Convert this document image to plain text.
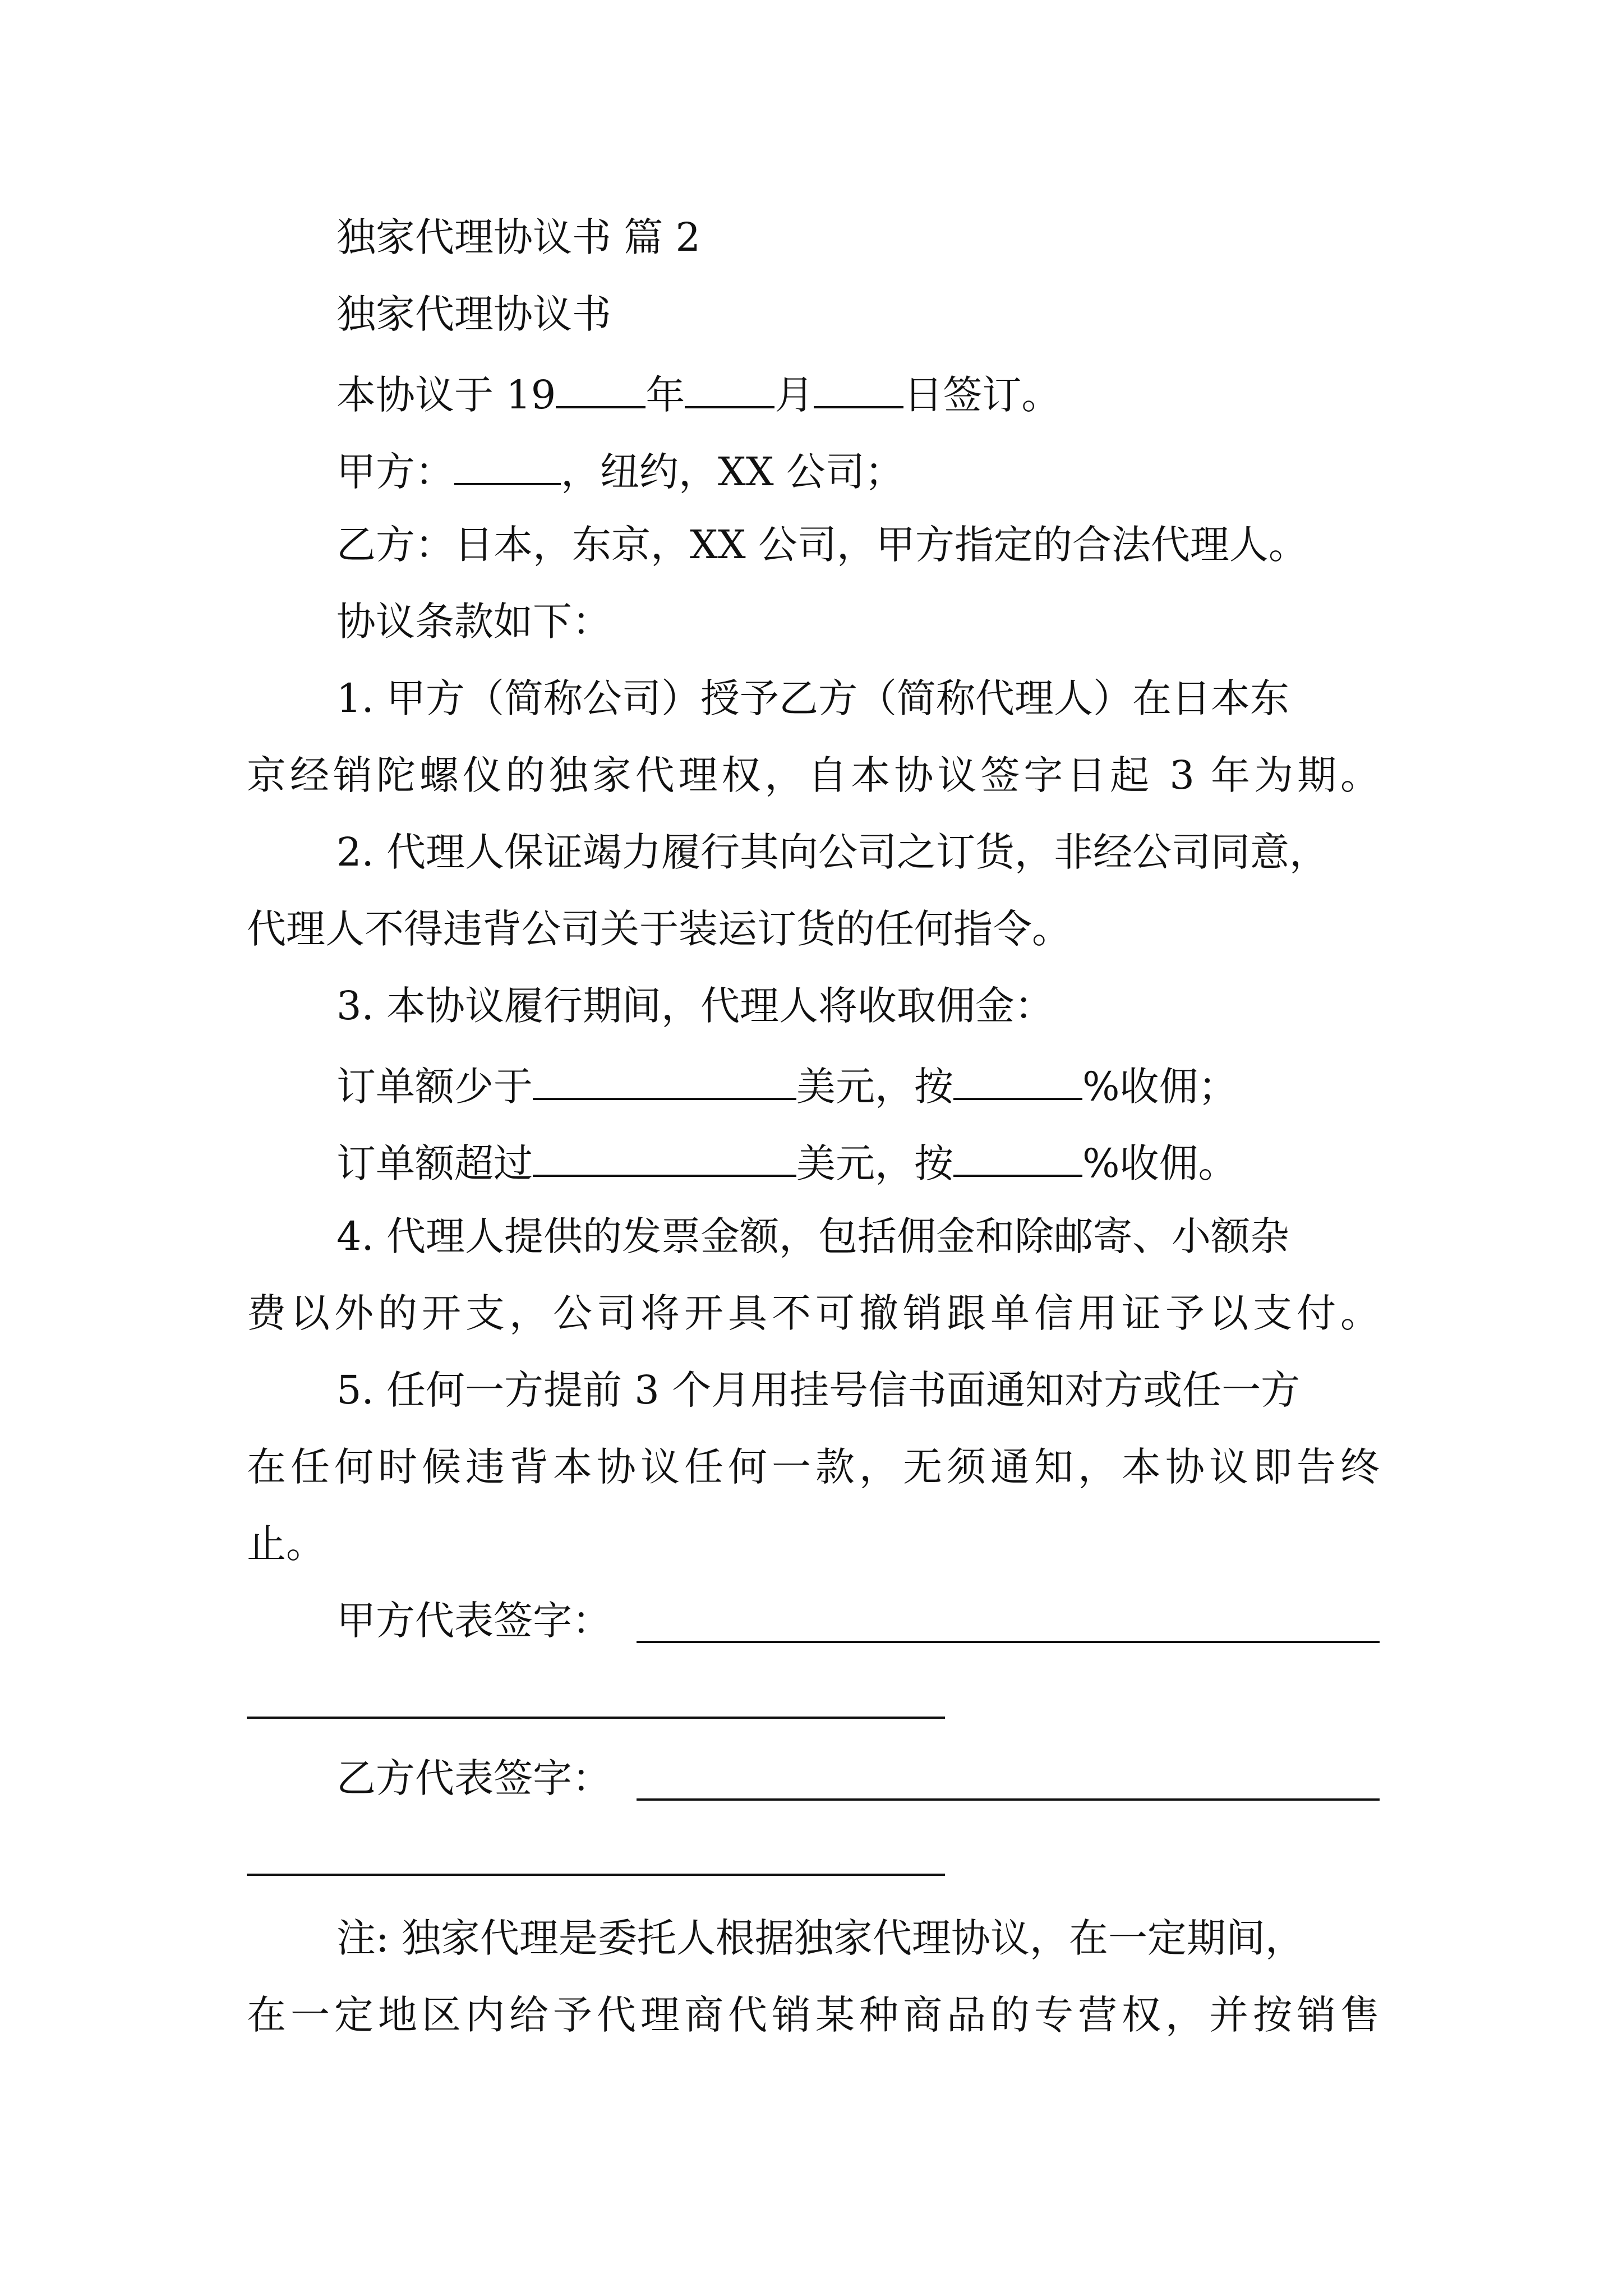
独家代理协议书 篇 2
独家代理协议书
本协议于 19 年 月 日签订。
甲方：	，纽约，XX 公司；
乙方：日本，东京，XX 公司，甲方指定的合法代理人。
协议条款如下：
1. 甲方（简称公司）授予乙方（简称代理人）在日本东
京经销陀螺仪的独家代理权，自本协议签字日起 3 年为期。
2. 代理人保证竭力履行其向公司之订货，非经公司同意，
代理人不得违背公司关于装运订货的任何指令。
3. 本协议履行期间，代理人将收取佣金：
订单额少于	美元，按	%收佣；
订单额超过	美元，按	%收佣。
4. 代理人提供的发票金额，包括佣金和除邮寄、小额杂
费以外的开支，公司将开具不可撤销跟单信用证予以支付。
5. 任何一方提前 3 个月用挂号信书面通知对方或任一方
在任何时候违背本协议任何一款，无须通知，本协议即告终
止。
甲方代表签字：
乙方代表签字：
注: 独家代理是委托人根据独家代理协议，在一定期间，
在一定地区内给予代理商代销某种商品的专营权，并按销售
